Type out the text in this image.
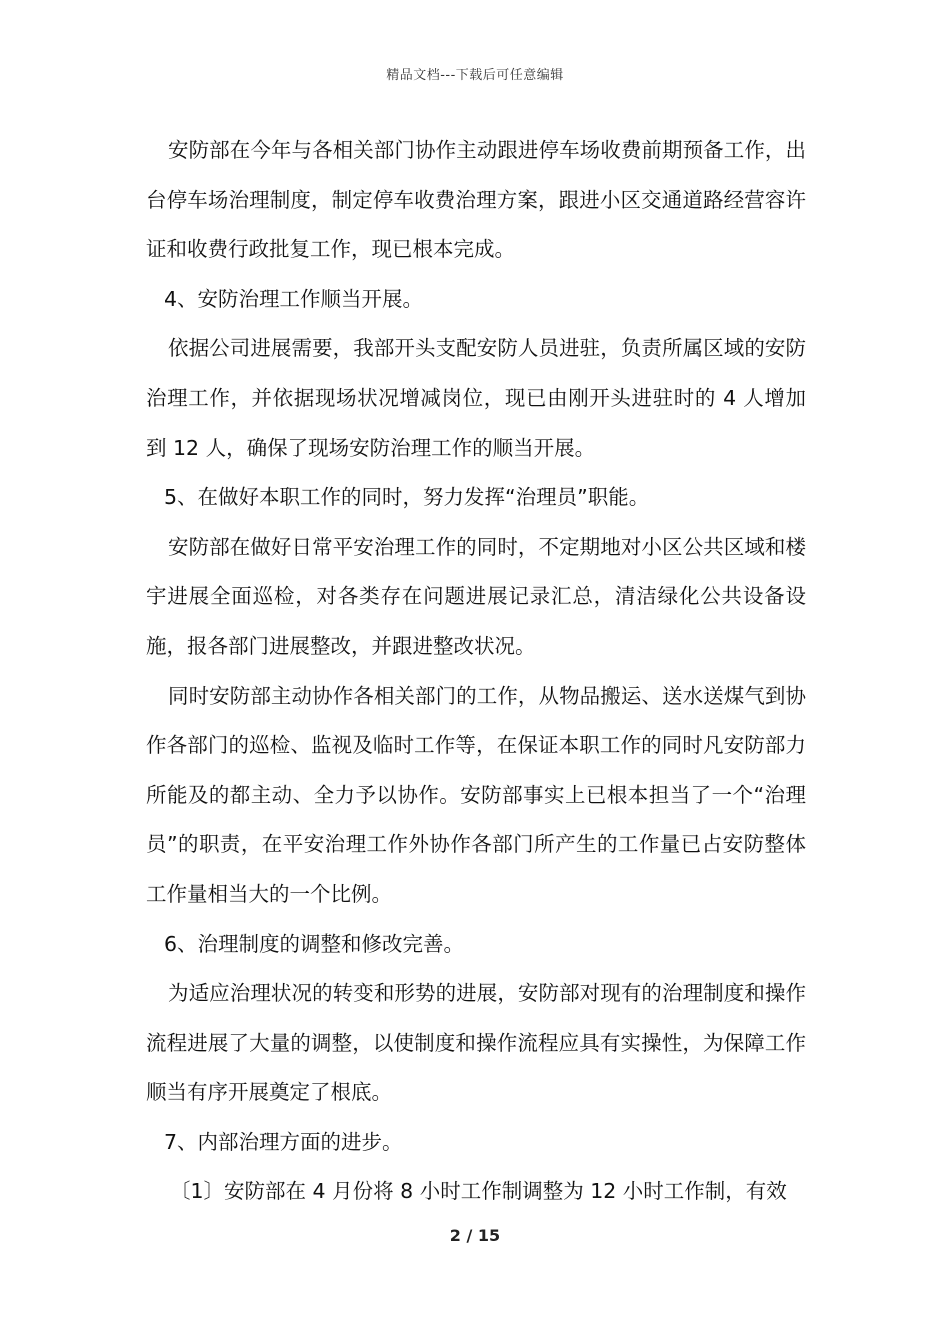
精品文档---下载后可任意编辑

安防部在今年与各相关部门协作主动跟进停车场收费前期预备工作，出台停车场治理制度，制定停车收费治理方案，跟进小区交通道路经营容许证和收费行政批复工作，现已根本完成。

4、安防治理工作顺当开展。

依据公司进展需要，我部开头支配安防人员进驻，负责所属区域的安防治理工作，并依据现场状况增减岗位，现已由刚开头进驻时的 4 人增加到 12 人，确保了现场安防治理工作的顺当开展。

5、在做好本职工作的同时，努力发挥“治理员”职能。

安防部在做好日常平安治理工作的同时，不定期地对小区公共区域和楼宇进展全面巡检，对各类存在问题进展记录汇总，清洁绿化公共设备设施，报各部门进展整改，并跟进整改状况。

同时安防部主动协作各相关部门的工作，从物品搬运、送水送煤气到协作各部门的巡检、监视及临时工作等，在保证本职工作的同时凡安防部力所能及的都主动、全力予以协作。安防部事实上已根本担当了一个“治理员”的职责，在平安治理工作外协作各部门所产生的工作量已占安防整体工作量相当大的一个比例。

6、治理制度的调整和修改完善。

为适应治理状况的转变和形势的进展，安防部对现有的治理制度和操作流程进展了大量的调整，以使制度和操作流程应具有实操性，为保障工作顺当有序开展奠定了根底。

7、内部治理方面的进步。

〔1〕安防部在 4 月份将 8 小时工作制调整为 12 小时工作制，有效

2 / 15
